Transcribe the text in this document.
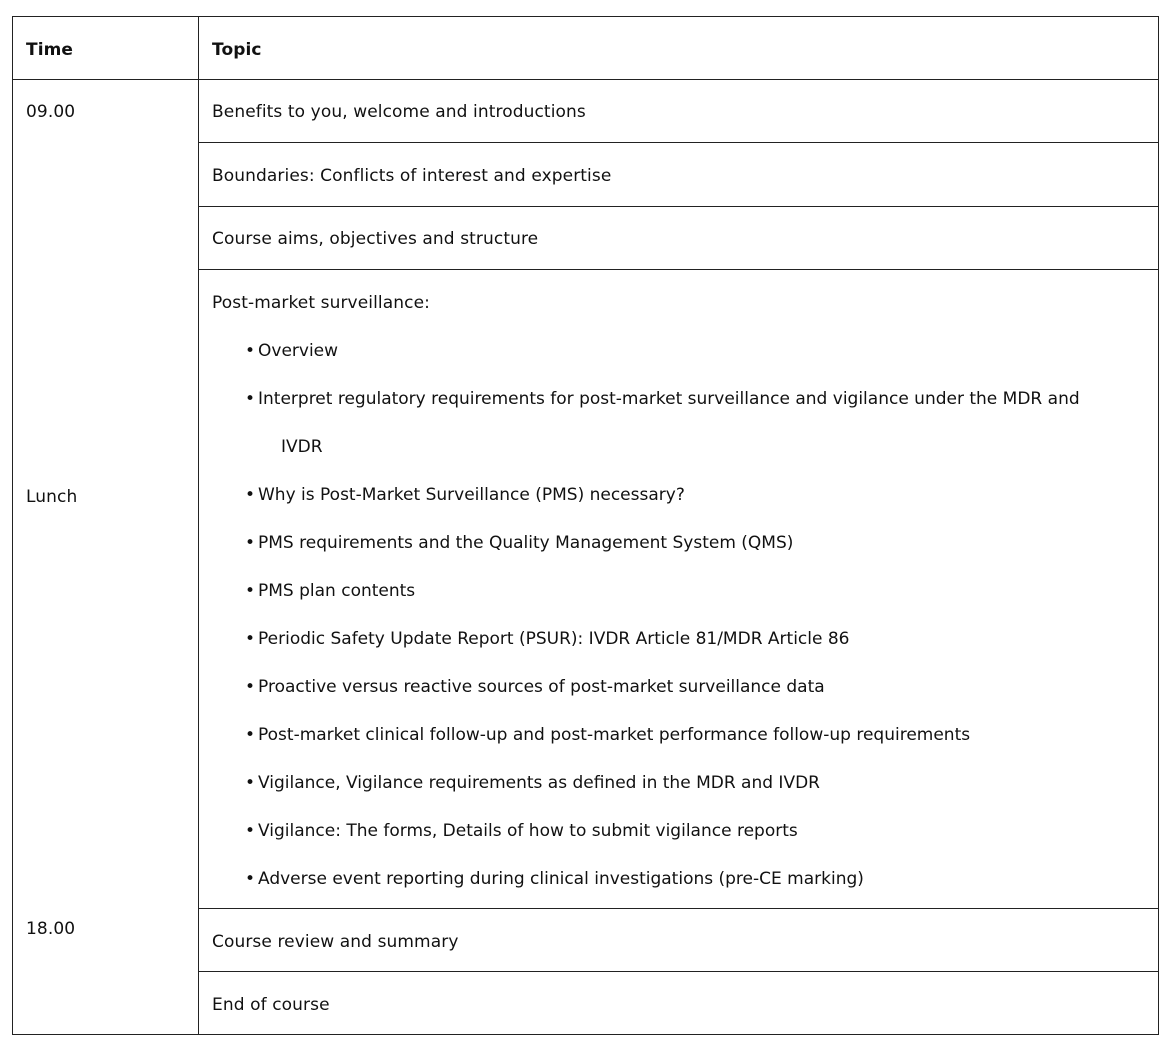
Time	Topic
09.00
Lunch
18.00
Benefits to you, welcome and introductions
Boundaries: Conflicts of interest and expertise
Course aims, objectives and structure
Post-market surveillance:
• Overview
• Interpret regulatory requirements for post-market surveillance and vigilance under the MDR and
IVDR
• Why is Post-Market Surveillance (PMS) necessary?
• PMS requirements and the Quality Management System (QMS)
• PMS plan contents
• Periodic Safety Update Report (PSUR): IVDR Article 81/MDR Article 86
• Proactive versus reactive sources of post-market surveillance data
• Post-market clinical follow-up and post-market performance follow-up requirements
• Vigilance, Vigilance requirements as defined in the MDR and IVDR
• Vigilance: The forms, Details of how to submit vigilance reports
• Adverse event reporting during clinical investigations (pre-CE marking)
Course review and summary
End of course
